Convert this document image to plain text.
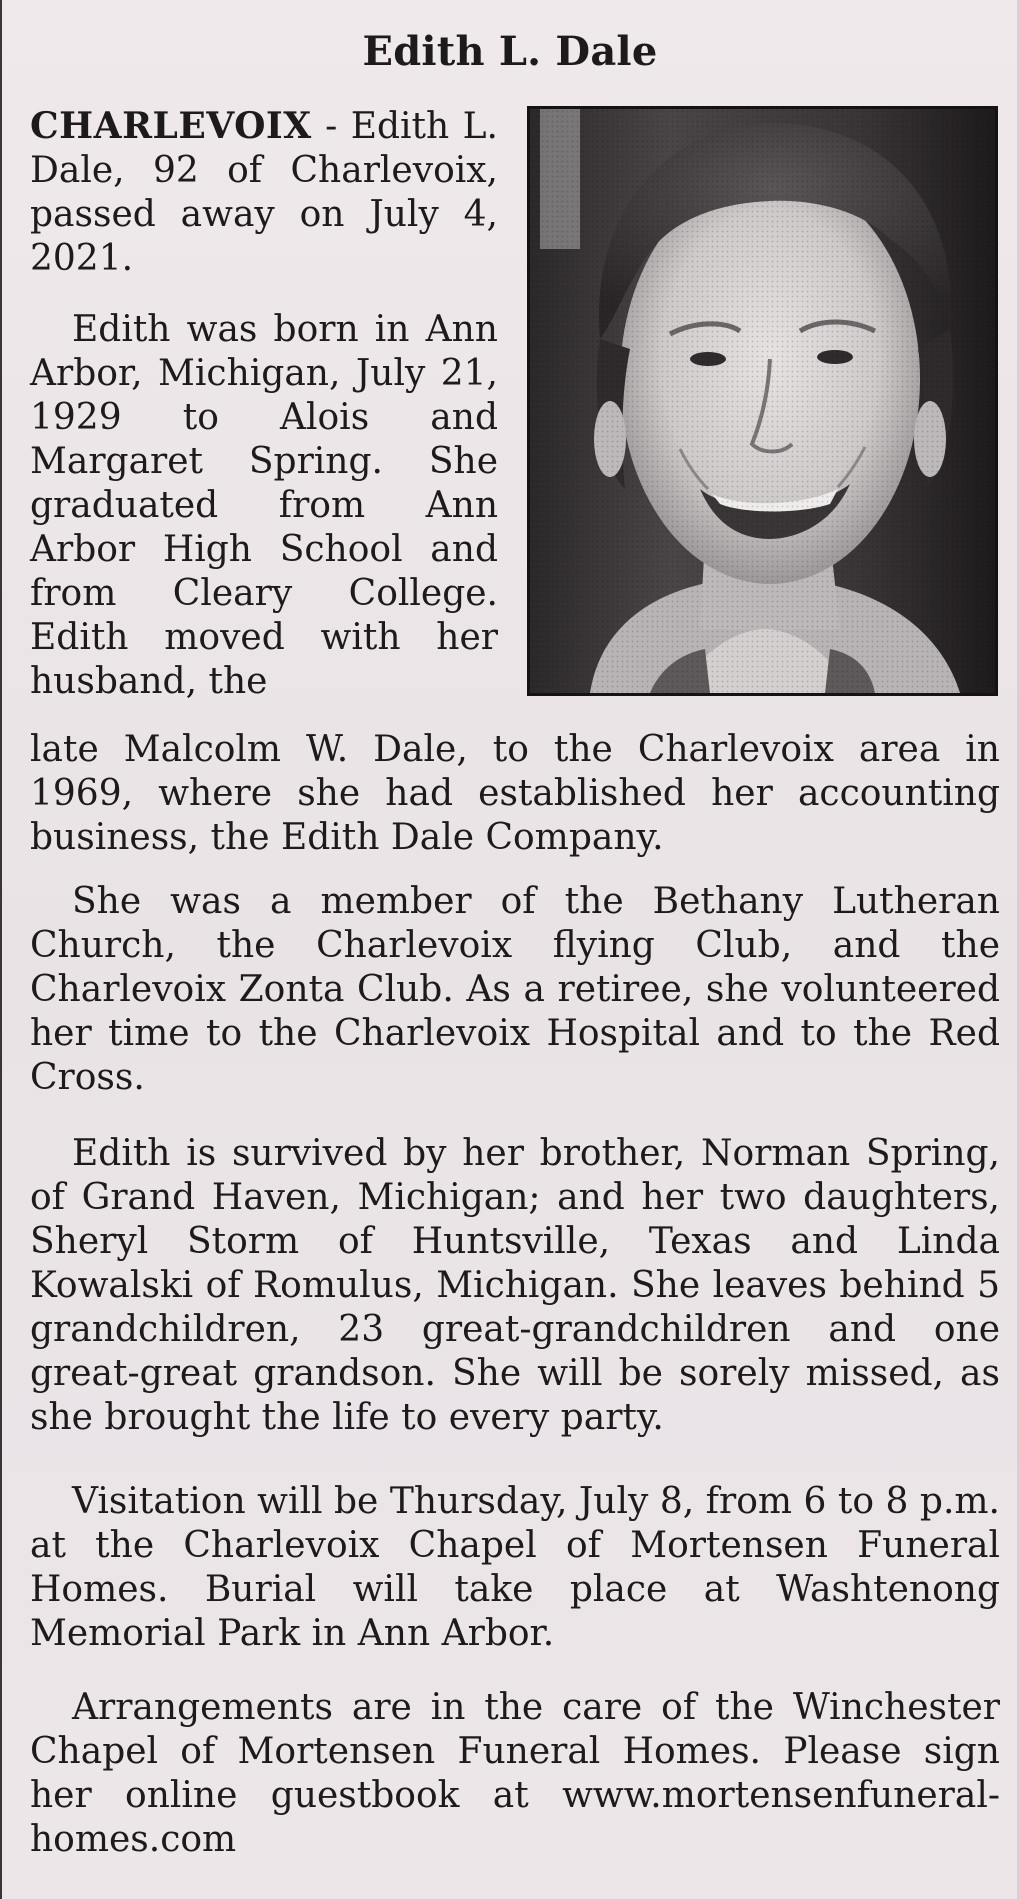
Edith L. Dale

CHARLEVOIX - Edith L. Dale, 92 of Charlevoix, passed away on July 4, 2021.

Edith was born in Ann Arbor, Michigan, July 21, 1929 to Alois and Margaret Spring. She graduated from Ann Arbor High School and from Cleary College. Edith moved with her husband, the

late Malcolm W. Dale, to the Charlevoix area in 1969, where she had established her accounting business, the Edith Dale Company.

She was a member of the Bethany Lutheran Church, the Charlevoix flying Club, and the Charlevoix Zonta Club. As a retiree, she volunteered her time to the Charlevoix Hospital and to the Red Cross.

Edith is survived by her brother, Norman Spring, of Grand Haven, Michigan; and her two daughters, Sheryl Storm of Huntsville, Texas and Linda Kowalski of Romulus, Michigan. She leaves behind 5 grandchildren, 23 great-grandchildren and one great-great grandson. She will be sorely missed, as she brought the life to every party.

Visitation will be Thursday, July 8, from 6 to 8 p.m. at the Charlevoix Chapel of Mortensen Funeral Homes. Burial will take place at Washtenong Memorial Park in Ann Arbor.

Arrangements are in the care of the Winchester Chapel of Mortensen Funeral Homes. Please sign her online guestbook at www.mortensenfuneral-homes.com
